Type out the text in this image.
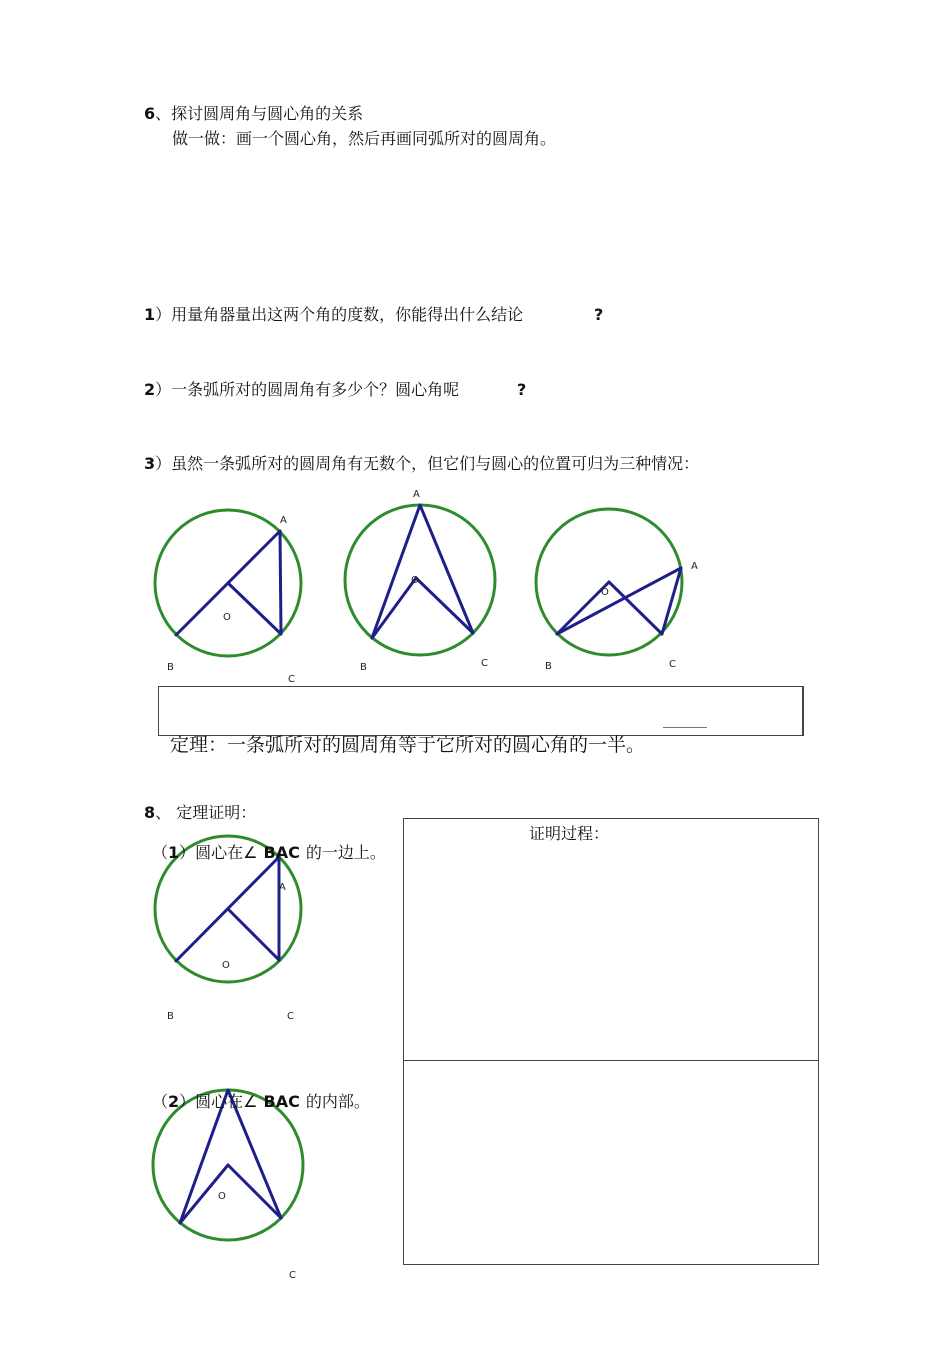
6、探讨圆周角与圆心角的关系
做一做：画一个圆心角，然后再画同弧所对的圆周角。
1）用量角器量出这两个角的度数，你能得出什么结论	?
2）一条弧所对的圆周角有多少个？圆心角呢	?
3）虽然一条弧所对的圆周角有无数个，但它们与圆心的位置可归为三种情况：
A
O
B
C
A
O
B	C
A
O
B	C
定理：一条弧所对的圆周角等于它所对的圆心角的一半。
8、 定理证明：
证明过程：
A
O
B	C
（1）圆心在∠ BAC 的一边上。
O
C
（2）圆心在∠ BAC 的内部。
